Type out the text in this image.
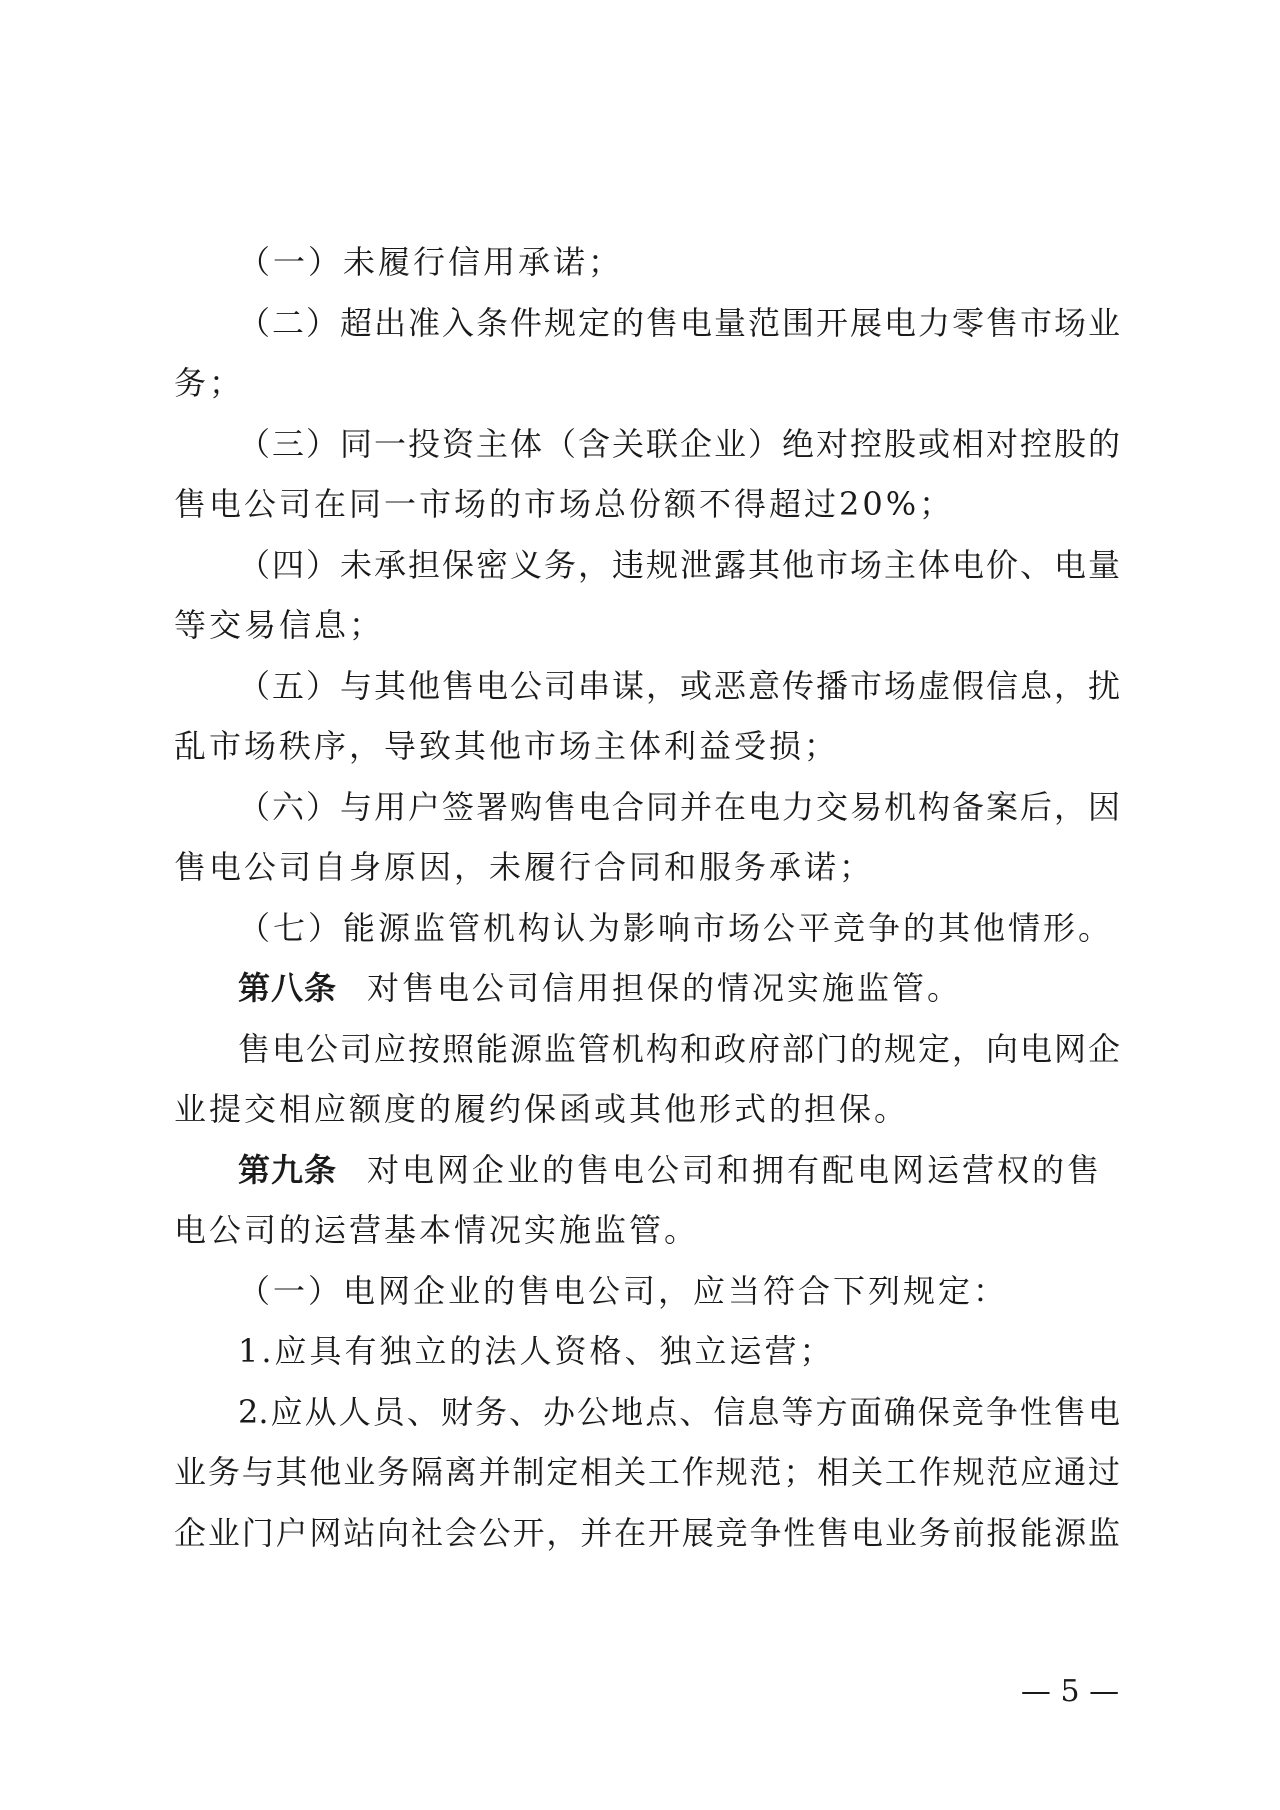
（一）未履行信用承诺；
（二）超出准入条件规定的售电量范围开展电力零售市场业
务；
（三）同一投资主体（含关联企业）绝对控股或相对控股的
售电公司在同一市场的市场总份额不得超过20%；
（四）未承担保密义务，违规泄露其他市场主体电价、电量
等交易信息；
（五）与其他售电公司串谋，或恶意传播市场虚假信息，扰
乱市场秩序，导致其他市场主体利益受损；
（六）与用户签署购售电合同并在电力交易机构备案后，因
售电公司自身原因，未履行合同和服务承诺；
（七）能源监管机构认为影响市场公平竞争的其他情形。
第八条 对售电公司信用担保的情况实施监管。
售电公司应按照能源监管机构和政府部门的规定，向电网企
业提交相应额度的履约保函或其他形式的担保。
第九条 对电网企业的售电公司和拥有配电网运营权的售
电公司的运营基本情况实施监管。
（一）电网企业的售电公司，应当符合下列规定：
1.应具有独立的法人资格、独立运营；
2.应从人员、财务、办公地点、信息等方面确保竞争性售电
业务与其他业务隔离并制定相关工作规范；相关工作规范应通过
企业门户网站向社会公开，并在开展竞争性售电业务前报能源监
— 5 —
